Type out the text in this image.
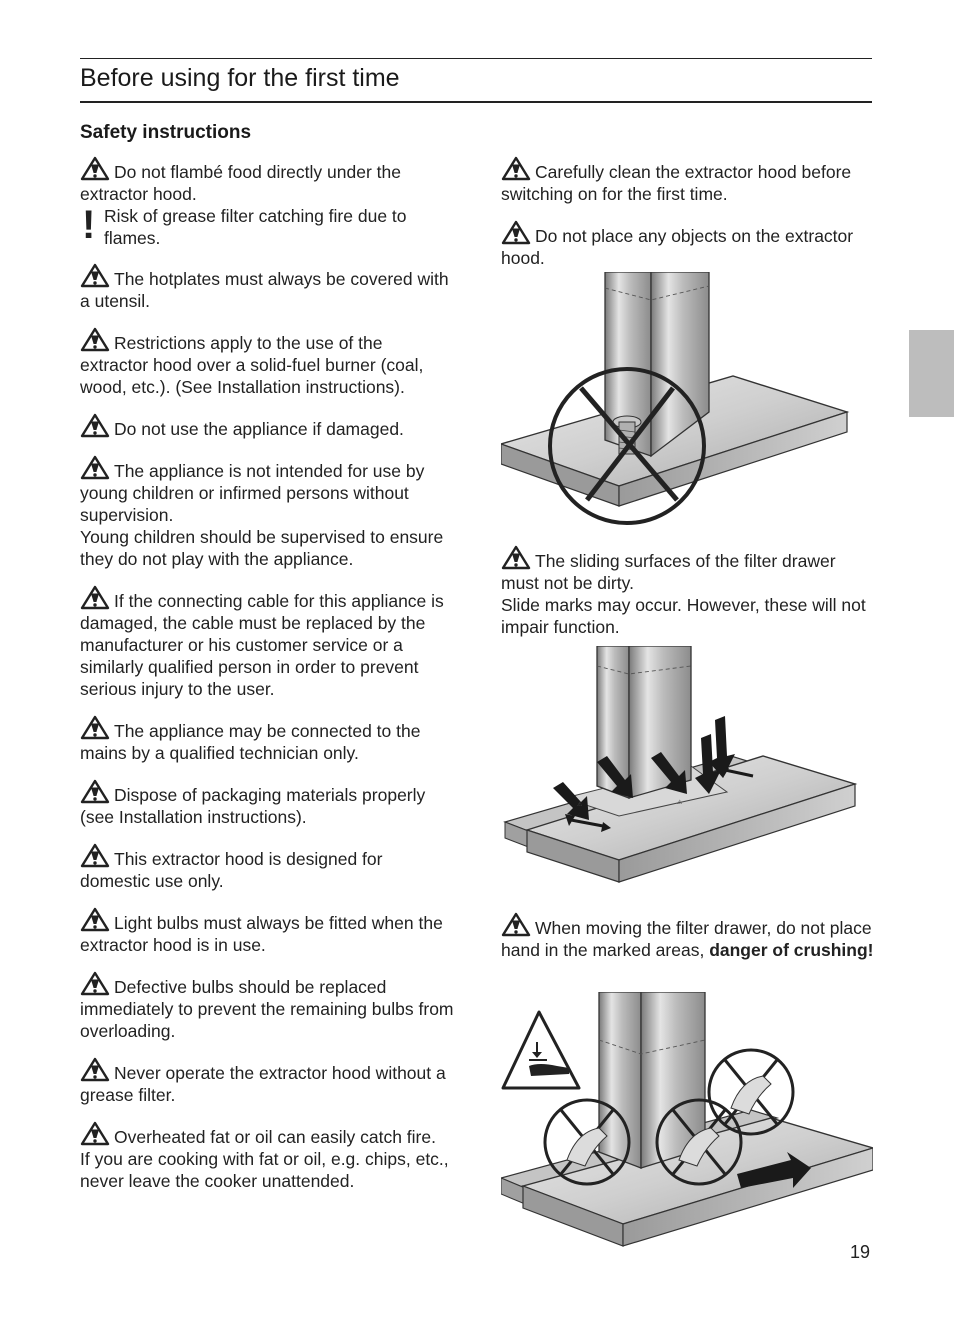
Before using for the first time
Safety instructions

Do not flambé food directly under the extractor hood.

! Risk of grease filter catching fire due to flames.

The hotplates must always be covered with a utensil.

Restrictions apply to the use of the extractor hood over a solid-fuel burner (coal, wood, etc.). (See Installation instructions).

Do not use the appliance if damaged.

The appliance is not intended for use by young children or infirmed persons without supervision.
Young children should be supervised to ensure they do not play with the appliance.

If the connecting cable for this appliance is damaged, the cable must be replaced by the manufacturer or his customer service or a similarly qualified person in order to prevent serious injury to the user.

The appliance may be connected to the mains by a qualified technician only.

Dispose of packaging materials properly (see Installation instructions).

This extractor hood is designed for domestic use only.

Light bulbs must always be fitted when the extractor hood is in use.

Defective bulbs should be replaced immediately to prevent the remaining bulbs from overloading.

Never operate the extractor hood without a grease filter.

Overheated fat or oil can easily catch fire.
If you are cooking with fat or oil, e.g. chips, etc., never leave the cooker unattended.

Carefully clean the extractor hood before switching on for the first time.

Do not place any objects on the extractor hood.

The sliding surfaces of the filter drawer must not be dirty.
Slide marks may occur. However, these will not impair function.

⚠	⚠

When moving the filter drawer, do not place hand in the marked areas, danger of crushing!

19
